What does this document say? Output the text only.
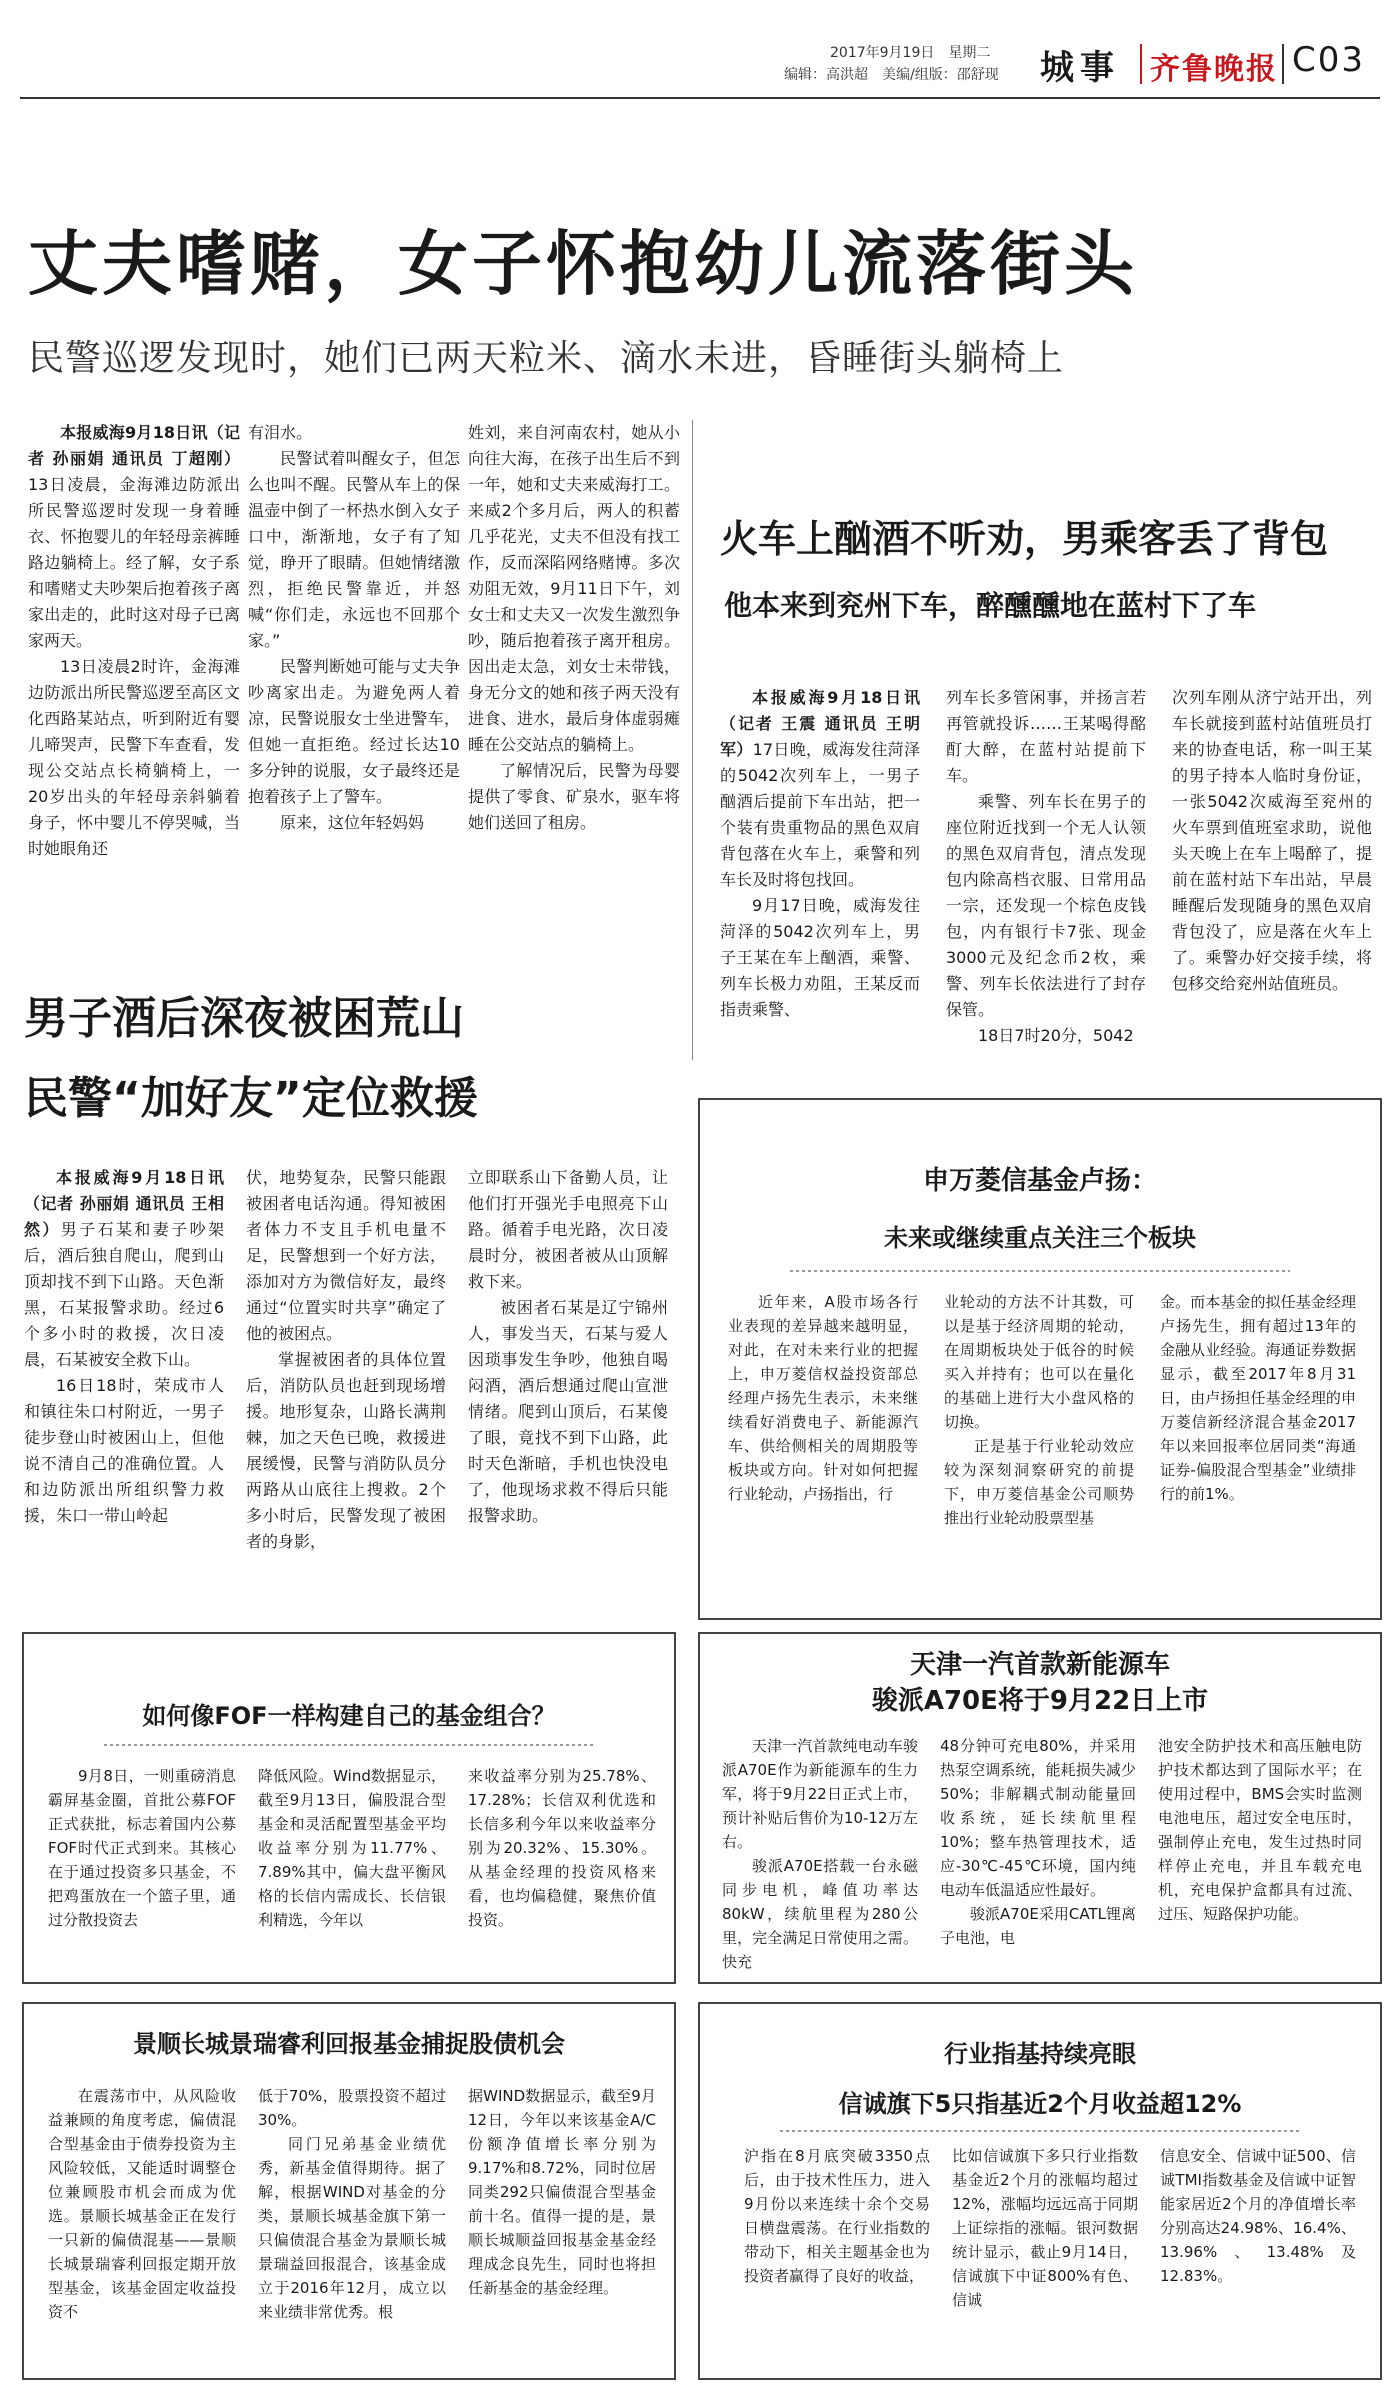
2017年9月19日　星期二
编辑：高洪超　美编/组版：邵舒现 城事 齐鲁晚报 C03
丈夫嗜赌，女子怀抱幼儿流落街头
民警巡逻发现时，她们已两天粒米、滴水未进，昏睡街头躺椅上

本报威海9月18日讯（记者 孙丽娟 通讯员 丁超刚）13日凌晨，金海滩边防派出所民警巡逻时发现一身着睡衣、怀抱婴儿的年轻母亲裤睡路边躺椅上。经了解，女子系和嗜赌丈夫吵架后抱着孩子离家出走的，此时这对母子已离家两天。

13日凌晨2时许，金海滩边防派出所民警巡逻至高区文化西路某站点，听到附近有婴儿啼哭声，民警下车查看，发现公交站点长椅躺椅上，一20岁出头的年轻母亲斜躺着身子，怀中婴儿不停哭喊，当时她眼角还

有泪水。

民警试着叫醒女子，但怎么也叫不醒。民警从车上的保温壶中倒了一杯热水倒入女子口中，渐渐地，女子有了知觉，睁开了眼睛。但她情绪激烈，拒绝民警靠近，并怒喊“你们走，永远也不回那个家。”

民警判断她可能与丈夫争吵离家出走。为避免两人着凉，民警说服女士坐进警车，但她一直拒绝。经过长达10多分钟的说服，女子最终还是抱着孩子上了警车。

原来，这位年轻妈妈

姓刘，来自河南农村，她从小向往大海，在孩子出生后不到一年，她和丈夫来威海打工。来威2个多月后，两人的积蓄几乎花光，丈夫不但没有找工作，反而深陷网络赌博。多次劝阻无效，9月11日下午，刘女士和丈夫又一次发生激烈争吵，随后抱着孩子离开租房。因出走太急，刘女士未带钱，身无分文的她和孩子两天没有进食、进水，最后身体虚弱瘫睡在公交站点的躺椅上。

了解情况后，民警为母婴提供了零食、矿泉水，驱车将她们送回了租房。

火车上酗酒不听劝，男乘客丢了背包
他本来到兖州下车，醉醺醺地在蓝村下了车

本报威海9月18日讯（记者 王震 通讯员 王明军）17日晚，威海发往菏泽的5042次列车上，一男子酗酒后提前下车出站，把一个装有贵重物品的黑色双肩背包落在火车上，乘警和列车长及时将包找回。

9月17日晚，威海发往菏泽的5042次列车上，男子王某在车上酗酒，乘警、列车长极力劝阻，王某反而指责乘警、

列车长多管闲事，并扬言若再管就投诉……王某喝得酩酊大醉，在蓝村站提前下车。

乘警、列车长在男子的座位附近找到一个无人认领的黑色双肩背包，清点发现包内除高档衣服、日常用品一宗，还发现一个棕色皮钱包，内有银行卡7张、现金3000元及纪念币2枚，乘警、列车长依法进行了封存保管。

18日7时20分，5042

次列车刚从济宁站开出，列车长就接到蓝村站值班员打来的协查电话，称一叫王某的男子持本人临时身份证，一张5042次威海至兖州的火车票到值班室求助，说他头天晚上在车上喝醉了，提前在蓝村站下车出站，早晨睡醒后发现随身的黑色双肩背包没了，应是落在火车上了。乘警办好交接手续，将包移交给兖州站值班员。

男子酒后深夜被困荒山
民警“加好友”定位救援

本报威海9月18日讯（记者 孙丽娟 通讯员 王相然）男子石某和妻子吵架后，酒后独自爬山，爬到山顶却找不到下山路。天色渐黑，石某报警求助。经过6个多小时的救援，次日凌晨，石某被安全救下山。

16日18时，荣成市人和镇往朱口村附近，一男子徒步登山时被困山上，但他说不清自己的准确位置。人和边防派出所组织警力救援，朱口一带山岭起

伏，地势复杂，民警只能跟被困者电话沟通。得知被困者体力不支且手机电量不足，民警想到一个好方法，添加对方为微信好友，最终通过“位置实时共享”确定了他的被困点。

掌握被困者的具体位置后，消防队员也赶到现场增援。地形复杂，山路长满荆棘，加之天色已晚，救援进展缓慢，民警与消防队员分两路从山底往上搜救。2个多小时后，民警发现了被困者的身影，

立即联系山下备勤人员，让他们打开强光手电照亮下山路。循着手电光路，次日凌晨时分，被困者被从山顶解救下来。

被困者石某是辽宁锦州人，事发当天，石某与爱人因琐事发生争吵，他独自喝闷酒，酒后想通过爬山宣泄情绪。爬到山顶后，石某傻了眼，竟找不到下山路，此时天色渐暗，手机也快没电了，他现场求救不得后只能报警求助。

申万菱信基金卢扬：
未来或继续重点关注三个板块

近年来，A股市场各行业表现的差异越来越明显，对此，在对未来行业的把握上，申万菱信权益投资部总经理卢扬先生表示，未来继续看好消费电子、新能源汽车、供给侧相关的周期股等板块或方向。针对如何把握行业轮动，卢扬指出，行

业轮动的方法不计其数，可以是基于经济周期的轮动，在周期板块处于低谷的时候买入并持有；也可以在量化的基础上进行大小盘风格的切换。

正是基于行业轮动效应较为深刻洞察研究的前提下，申万菱信基金公司顺势推出行业轮动股票型基

金。而本基金的拟任基金经理卢扬先生，拥有超过13年的金融从业经验。海通证券数据显示，截至2017年8月31日，由卢扬担任基金经理的申万菱信新经济混合基金2017年以来回报率位居同类“海通证券-偏股混合型基金”业绩排行的前1%。

如何像FOF一样构建自己的基金组合？

9月8日，一则重磅消息霸屏基金圈，首批公募FOF正式获批，标志着国内公募FOF时代正式到来。其核心在于通过投资多只基金，不把鸡蛋放在一个篮子里，通过分散投资去

降低风险。Wind数据显示，截至9月13日，偏股混合型基金和灵活配置型基金平均收益率分别为11.77%、7.89%其中，偏大盘平衡风格的长信内需成长、长信银利精选，今年以

来收益率分别为25.78%、17.28%；长信双利优选和长信多利今年以来收益率分别为20.32%、15.30%。从基金经理的投资风格来看，也均偏稳健，聚焦价值投资。

天津一汽首款新能源车
骏派A70E将于9月22日上市

天津一汽首款纯电动车骏派A70E作为新能源车的生力军，将于9月22日正式上市，预计补贴后售价为10-12万左右。

骏派A70E搭载一台永磁同步电机，峰值功率达80kW，续航里程为280公里，完全满足日常使用之需。快充

48分钟可充电80%，并采用热泵空调系统，能耗损失减少50%；非解耦式制动能量回收系统，延长续航里程10%；整车热管理技术，适应-30℃-45℃环境，国内纯电动车低温适应性最好。

骏派A70E采用CATL锂离子电池，电

池安全防护技术和高压触电防护技术都达到了国际水平；在使用过程中，BMS会实时监测电池电压，超过安全电压时，强制停止充电，发生过热时同样停止充电，并且车载充电机，充电保护盒都具有过流、过压、短路保护功能。

景顺长城景瑞睿利回报基金捕捉股债机会

在震荡市中，从风险收益兼顾的角度考虑，偏债混合型基金由于债券投资为主风险较低，又能适时调整仓位兼顾股市机会而成为优选。景顺长城基金正在发行一只新的偏债混基——景顺长城景瑞睿利回报定期开放型基金，该基金固定收益投资不

低于70%，股票投资不超过30%。

同门兄弟基金业绩优秀，新基金值得期待。据了解，根据WIND对基金的分类，景顺长城基金旗下第一只偏债混合基金为景顺长城景瑞益回报混合，该基金成立于2016年12月，成立以来业绩非常优秀。根

据WIND数据显示，截至9月12日，今年以来该基金A/C份额净值增长率分别为9.17%和8.72%，同时位居同类292只偏债混合型基金前十名。值得一提的是，景顺长城顺益回报基金基金经理成念良先生，同时也将担任新基金的基金经理。

行业指基持续亮眼
信诚旗下5只指基近2个月收益超12%

沪指在8月底突破3350点后，由于技术性压力，进入9月份以来连续十余个交易日横盘震荡。在行业指数的带动下，相关主题基金也为投资者赢得了良好的收益，

比如信诚旗下多只行业指数基金近2个月的涨幅均超过12%，涨幅均远远高于同期上证综指的涨幅。银河数据统计显示，截止9月14日，信诚旗下中证800%有色、信诚

信息安全、信诚中证500、信诚TMI指数基金及信诚中证智能家居近2个月的净值增长率分别高达24.98%、16.4%、13.96%、13.48%及12.83%。
